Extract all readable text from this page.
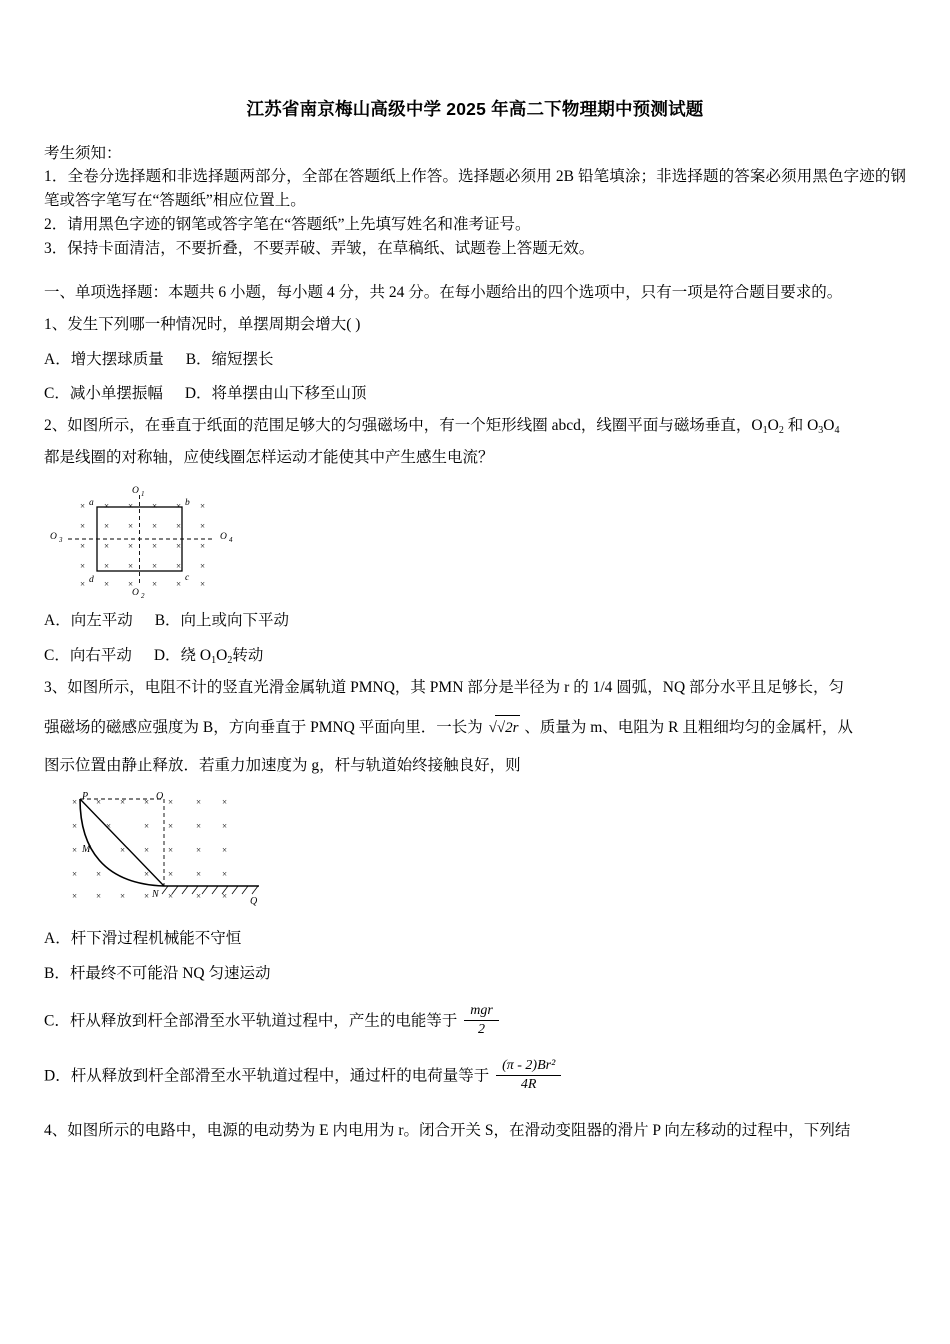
江苏省南京梅山高级中学 2025 年高二下物理期中预测试题
考生须知：
1．全卷分选择题和非选择题两部分，全部在答题纸上作答。选择题必须用 2B 铅笔填涂；非选择题的答案必须用黑色字迹的钢笔或答字笔写在“答题纸”相应位置上。
2．请用黑色字迹的钢笔或答字笔在“答题纸”上先填写姓名和准考证号。
3．保持卡面清洁，不要折叠，不要弄破、弄皱，在草稿纸、试题卷上答题无效。
一、单项选择题：本题共 6 小题，每小题 4 分，共 24 分。在每小题给出的四个选项中，只有一项是符合题目要求的。
1、发生下列哪一种情况时，单摆周期会增大( )
A．增大摆球质量 B．缩短摆长
C．减小单摆振幅 D．将单摆由山下移至山顶
2、如图所示，在垂直于纸面的范围足够大的匀强磁场中，有一个矩形线圈 abcd，线圈平面与磁场垂直，$O_1O_2$ 和 $O_3O_4$
都是线圈的对称轴，应使线圈怎样运动才能使其中产生感生电流？
× × × × × ×
× × × × × ×
× × × × × ×
× × × × × ×
× × × × × ×
O 1
O 2
O 3	O 4
a	b
c
d
A．向左平动 B．向上或向下平动
C．向右平动 D．绕 $O_1O_2$转动
3、如图所示，电阻不计的竖直光滑金属轨道 PMNQ，其 PMN 部分是半径为 r 的 1/4 圆弧，NQ 部分水平且足够长，匀
强磁场的磁感应强度为 B，方向垂直于 PMNQ 平面向里．一长为 √√2r 、质量为 m、电阻为 R 且粗细均匀的金属杆，从
图示位置由静止释放．若重力加速度为 g，杆与轨道始终接触良好，则
× × × × ×	× ×
×	×	× ×	× ×
×	× × ×	× ×
× ×	× ×	× ×
× × × × ×	× ×
P	O
M
N
Q
A．杆下滑过程机械能不守恒
B．杆最终不可能沿 NQ 匀速运动
C．杆从释放到杆全部滑至水平轨道过程中，产生的电能等于 $\frac{\text{mgr}}{2}$
D．杆从释放到杆全部滑至水平轨道过程中，通过杆的电荷量等于 $\frac{\text{(π - 2)Br²}}{4R}$
4、如图所示的电路中，电源的电动势为 E 内电用为 r。闭合开关 S，在滑动变阻器的滑片 P 向左移动的过程中，下列结
